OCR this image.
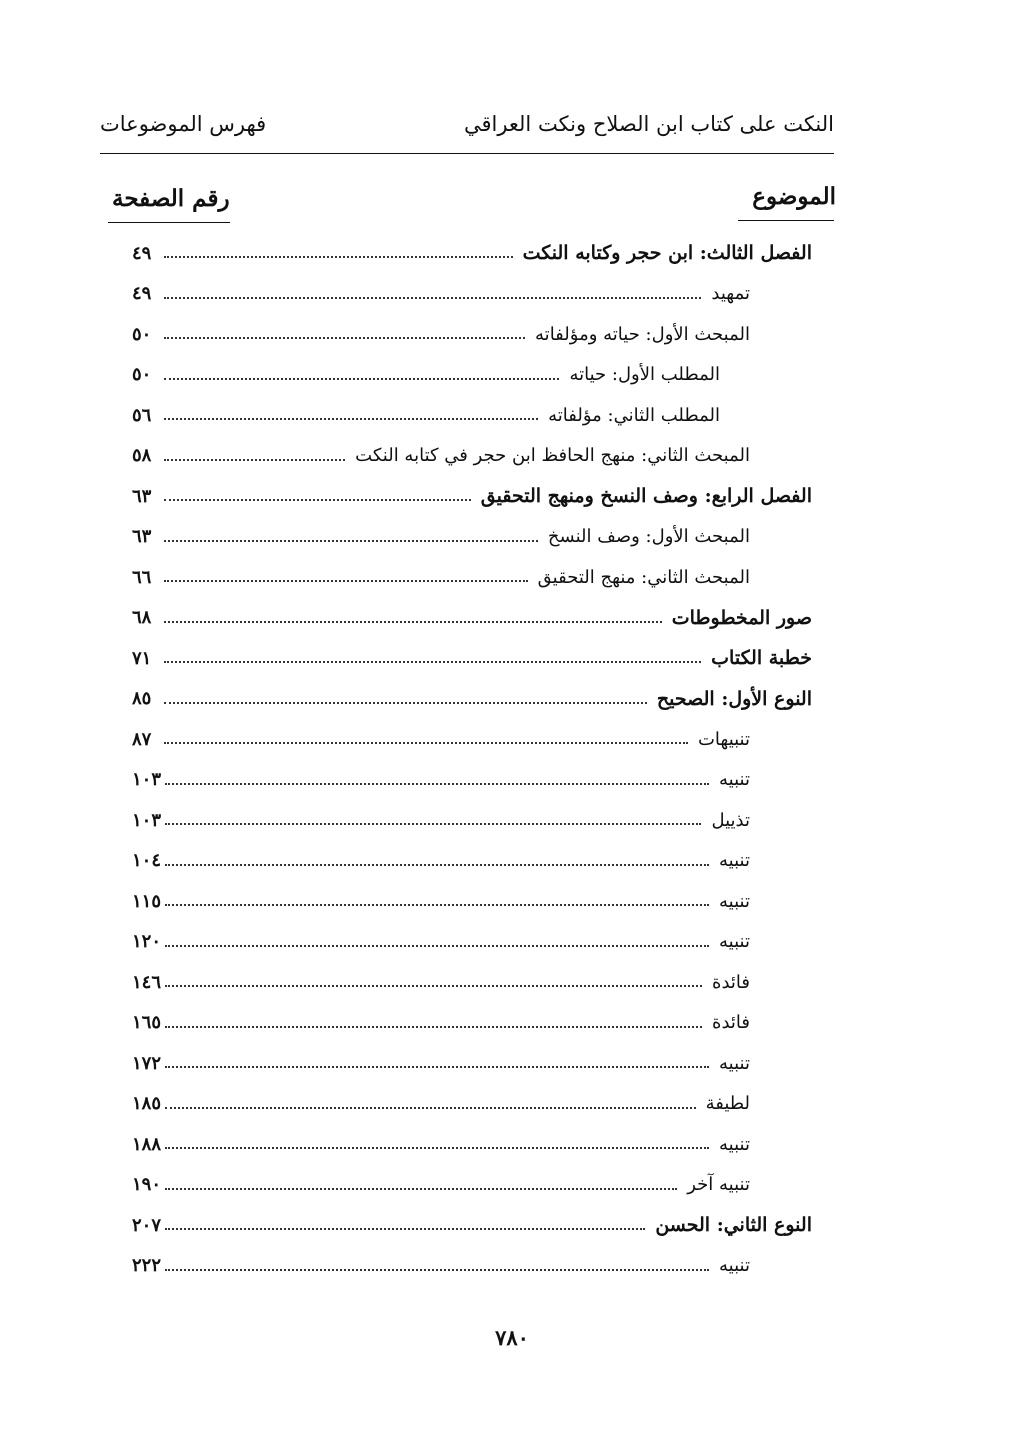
النكت على كتاب ابن الصلاح ونكت العراقي
فهرس الموضوعات
الموضوع
رقم الصفحة
الفصل الثالث: ابن حجر وكتابه النكت
٤٩
تمهيد
٤٩
المبحث الأول: حياته ومؤلفاته
٥٠
المطلب الأول: حياته
٥٠
المطلب الثاني: مؤلفاته
٥٦
المبحث الثاني: منهج الحافظ ابن حجر في كتابه النكت
٥٨
الفصل الرابع: وصف النسخ ومنهج التحقيق
٦٣
المبحث الأول: وصف النسخ
٦٣
المبحث الثاني: منهج التحقيق
٦٦
صور المخطوطات
٦٨
خطبة الكتاب
٧١
النوع الأول: الصحيح
٨٥
تنبيهات
٨٧
تنبيه
١٠٣
تذييل
١٠٣
تنبيه
١٠٤
تنبيه
١١٥
تنبيه
١٢٠
فائدة
١٤٦
فائدة
١٦٥
تنبيه
١٧٢
لطيفة
١٨٥
تنبيه
١٨٨
تنبيه آخر
١٩٠
النوع الثاني: الحسن
٢٠٧
تنبيه
٢٢٢
٧٨٠
